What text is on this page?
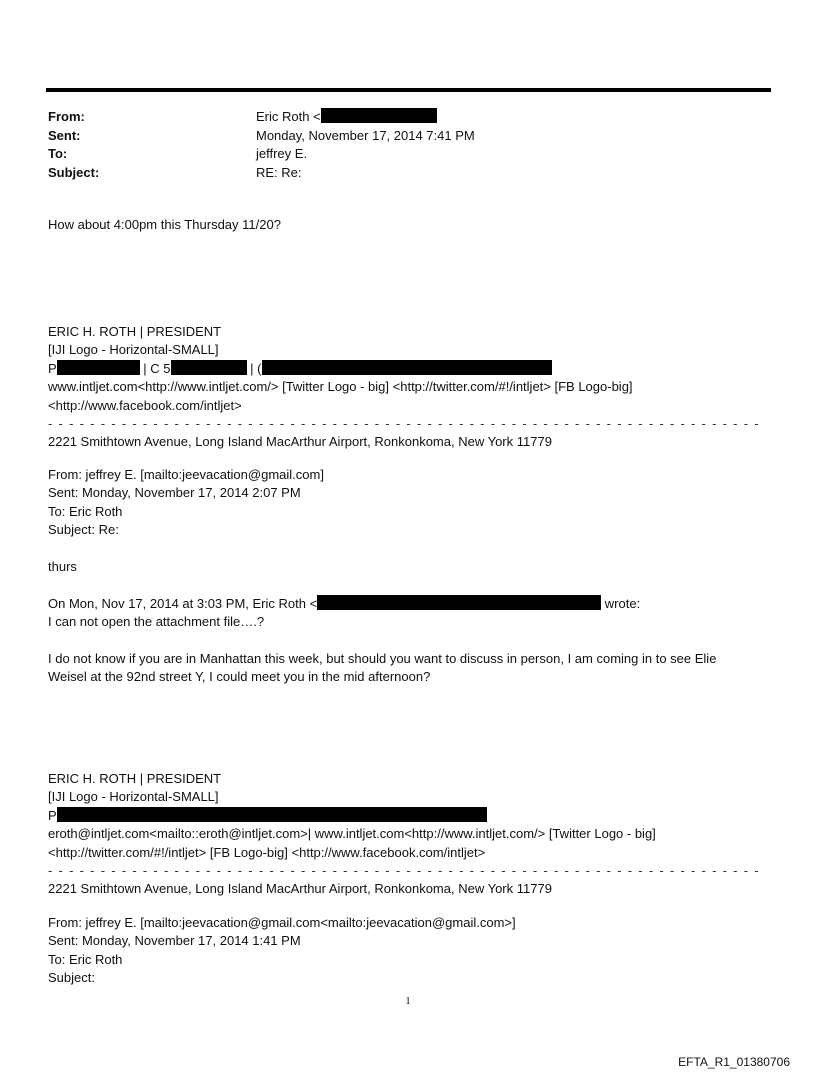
From:	Eric Roth <
Sent:	Monday, November 17, 2014 7:41 PM
To:	jeffrey E.
Subject:	RE: Re:
How about 4:00pm this Thursday 11/20?
ERIC H. ROTH | PRESIDENT
[IJI Logo - Horizontal-SMALL]
P	| C 5	| (
www.intljet.com<http://www.intljet.com/> [Twitter Logo - big] <http://twitter.com/#!/intljet> [FB Logo-big]
<http://www.facebook.com/intljet>
- - - - - - - - - - - - - - - - - - - - - - - - - - - - - - - - - - - - - - - - - - - - - - - - - - - - - - - - - - - - - - - - - - - -
2221 Smithtown Avenue, Long Island MacArthur Airport, Ronkonkoma, New York 11779
From: jeffrey E. [mailto:jeevacation@gmail.com]
Sent: Monday, November 17, 2014 2:07 PM
To: Eric Roth
Subject: Re:
thurs
On Mon, Nov 17, 2014 at 3:03 PM, Eric Roth <	wrote:
I can not open the attachment file….?
I do not know if you are in Manhattan this week, but should you want to discuss in person, I am coming in to see Elie
Weisel at the 92nd street Y, I could meet you in the mid afternoon?
ERIC H. ROTH | PRESIDENT
[IJI Logo - Horizontal-SMALL]
P
eroth@intljet.com<mailto::eroth@intljet.com>| www.intljet.com<http://www.intljet.com/> [Twitter Logo - big]
<http://twitter.com/#!/intljet> [FB Logo-big] <http://www.facebook.com/intljet>
- - - - - - - - - - - - - - - - - - - - - - - - - - - - - - - - - - - - - - - - - - - - - - - - - - - - - - - - - - - - - - - - - - - -
2221 Smithtown Avenue, Long Island MacArthur Airport, Ronkonkoma, New York 11779
From: jeffrey E. [mailto:jeevacation@gmail.com<mailto:jeevacation@gmail.com>]
Sent: Monday, November 17, 2014 1:41 PM
To: Eric Roth
Subject:
1
EFTA_R1_01380706
